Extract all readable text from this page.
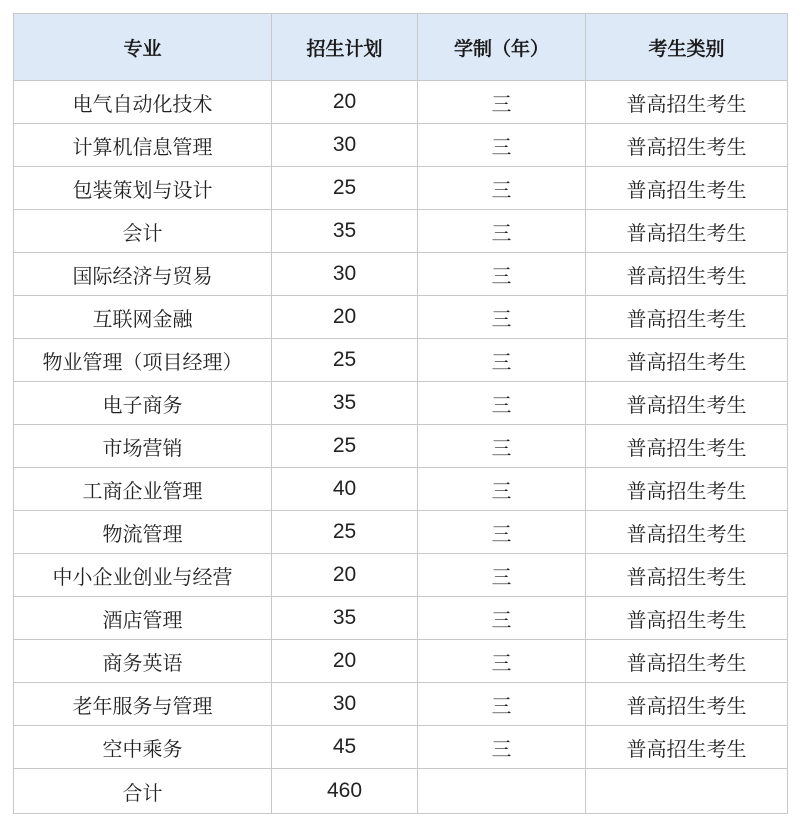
专业	招生计划	学制（年）	考生类别
电气自动化技术	20	三	普高招生考生
计算机信息管理	30	三	普高招生考生
包装策划与设计	25	三	普高招生考生
会计	35	三	普高招生考生
国际经济与贸易	30	三	普高招生考生
互联网金融	20	三	普高招生考生
物业管理（项目经理）	25	三	普高招生考生
电子商务	35	三	普高招生考生
市场营销	25	三	普高招生考生
工商企业管理	40	三	普高招生考生
物流管理	25	三	普高招生考生
中小企业创业与经营	20	三	普高招生考生
酒店管理	35	三	普高招生考生
商务英语	20	三	普高招生考生
老年服务与管理	30	三	普高招生考生
空中乘务	45	三	普高招生考生
合计	460		
